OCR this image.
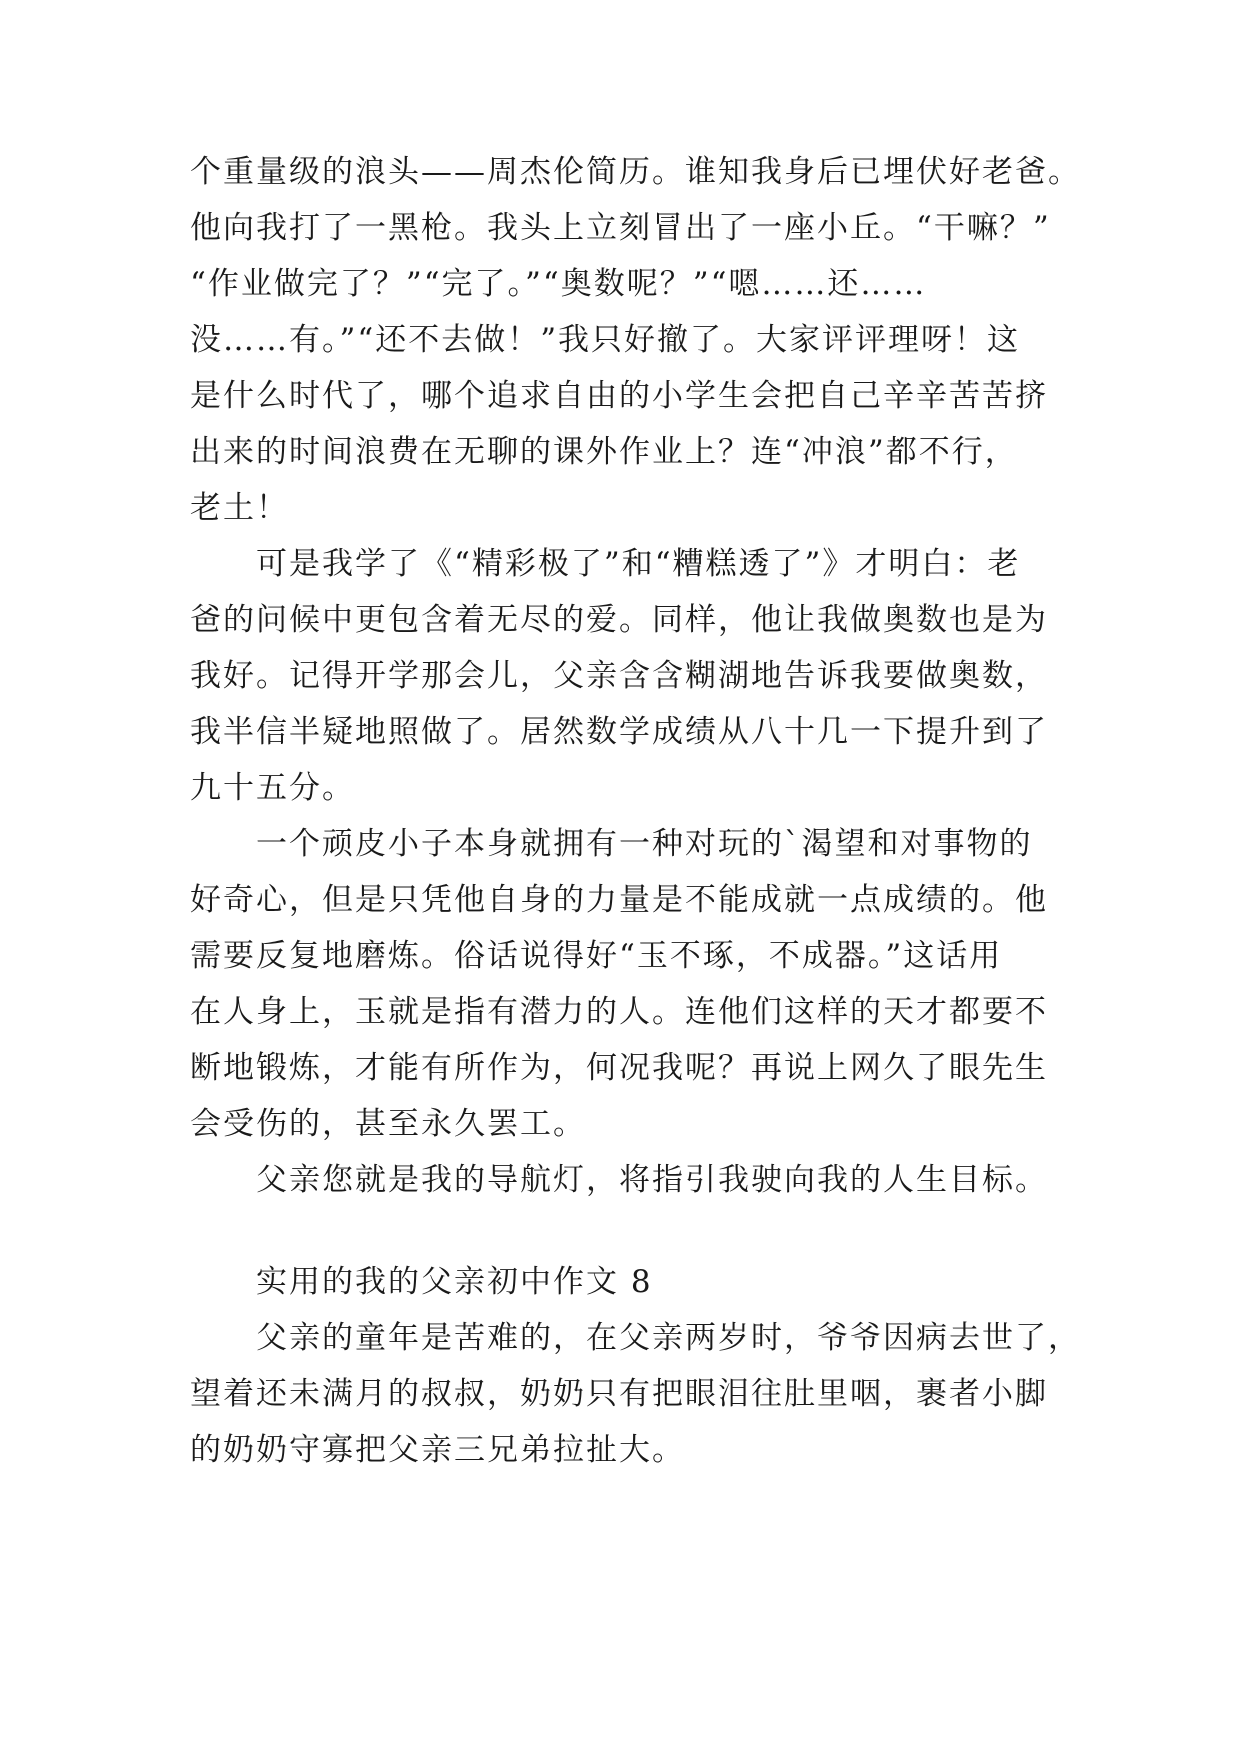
个重量级的浪头——周杰伦简历。谁知我身后已埋伏好老爸。

他向我打了一黑枪。我头上立刻冒出了一座小丘。“干嘛？”

“作业做完了？”“完了。”“奥数呢？”“嗯……还……

没……有。”“还不去做！”我只好撤了。大家评评理呀！这

是什么时代了，哪个追求自由的小学生会把自己辛辛苦苦挤

出来的时间浪费在无聊的课外作业上？连“冲浪”都不行，

老土！

可是我学了《“精彩极了”和“糟糕透了”》才明白：老

爸的问候中更包含着无尽的爱。同样，他让我做奥数也是为

我好。记得开学那会儿，父亲含含糊湖地告诉我要做奥数，

我半信半疑地照做了。居然数学成绩从八十几一下提升到了

九十五分。

一个顽皮小子本身就拥有一种对玩的`渴望和对事物的

好奇心，但是只凭他自身的力量是不能成就一点成绩的。他

需要反复地磨炼。俗话说得好“玉不琢，不成器。”这话用

在人身上，玉就是指有潜力的人。连他们这样的天才都要不

断地锻炼，才能有所作为，何况我呢？再说上网久了眼先生

会受伤的，甚至永久罢工。

父亲您就是我的导航灯，将指引我驶向我的人生目标。

实用的我的父亲初中作文 8

父亲的童年是苦难的，在父亲两岁时，爷爷因病去世了，

望着还未满月的叔叔，奶奶只有把眼泪往肚里咽，裹者小脚

的奶奶守寡把父亲三兄弟拉扯大。
